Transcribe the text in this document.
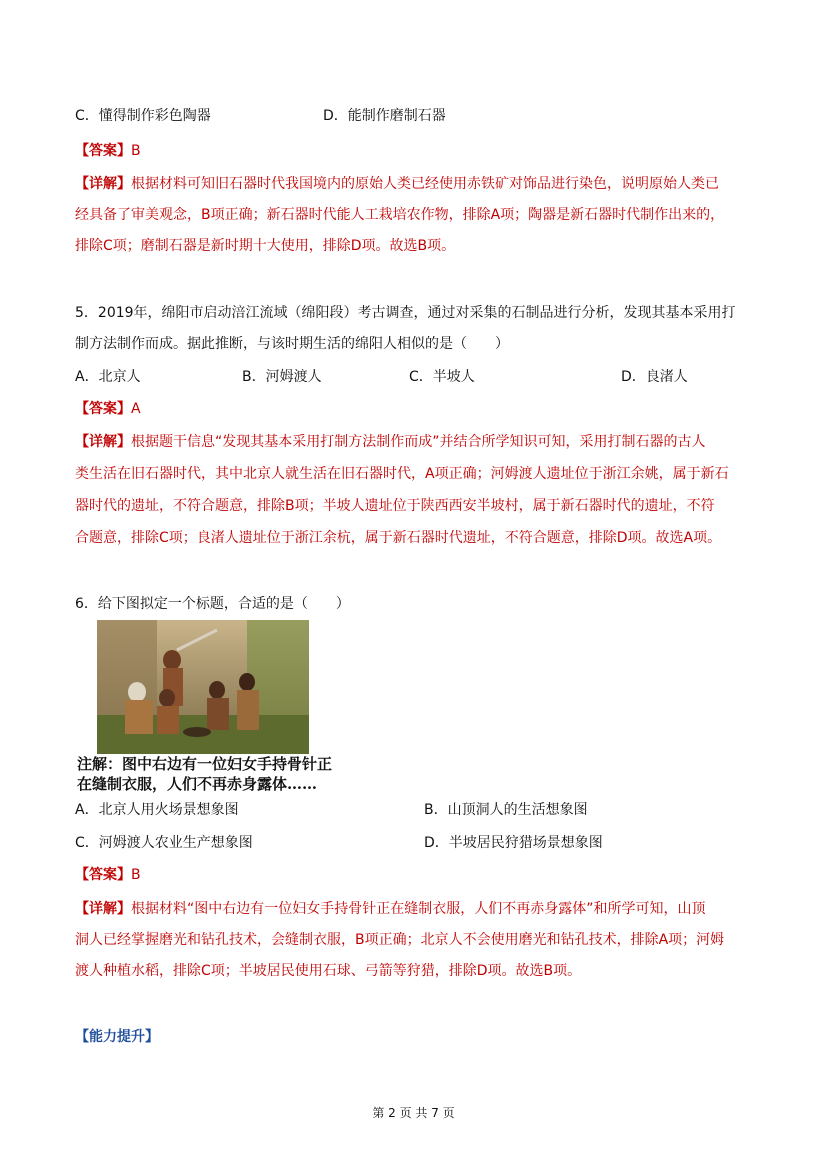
C．懂得制作彩色陶器	D．能制作磨制石器
【答案】B
【详解】根据材料可知旧石器时代我国境内的原始人类已经使用赤铁矿对饰品进行染色，说明原始人类已
经具备了审美观念，B项正确；新石器时代能人工栽培农作物，排除A项；陶器是新石器时代制作出来的，
排除C项；磨制石器是新时期十大使用，排除D项。故选B项。
5．2019年，绵阳市启动涪江流域（绵阳段）考古调查，通过对采集的石制品进行分析，发现其基本采用打
制方法制作而成。据此推断，与该时期生活的绵阳人相似的是（　　）
A．北京人	B．河姆渡人	C．半坡人	D．良渚人
【答案】A
【详解】根据题干信息“发现其基本采用打制方法制作而成”并结合所学知识可知，采用打制石器的古人
类生活在旧石器时代，其中北京人就生活在旧石器时代，A项正确；河姆渡人遗址位于浙江余姚，属于新石
器时代的遗址，不符合题意，排除B项；半坡人遗址位于陕西西安半坡村，属于新石器时代的遗址，不符
合题意，排除C项；良渚人遗址位于浙江余杭，属于新石器时代遗址，不符合题意，排除D项。故选A项。
6．给下图拟定一个标题，合适的是（　　）
注解：图中右边有一位妇女手持骨针正
在缝制衣服，人们不再赤身露体……
A．北京人用火场景想象图	B．山顶洞人的生活想象图
C．河姆渡人农业生产想象图	D．半坡居民狩猎场景想象图
【答案】B
【详解】根据材料“图中右边有一位妇女手持骨针正在缝制衣服，人们不再赤身露体”和所学可知，山顶
洞人已经掌握磨光和钻孔技术，会缝制衣服，B项正确；北京人不会使用磨光和钻孔技术，排除A项；河姆
渡人种植水稻，排除C项；半坡居民使用石球、弓箭等狩猎，排除D项。故选B项。
【能力提升】
第 2 页 共 7 页
